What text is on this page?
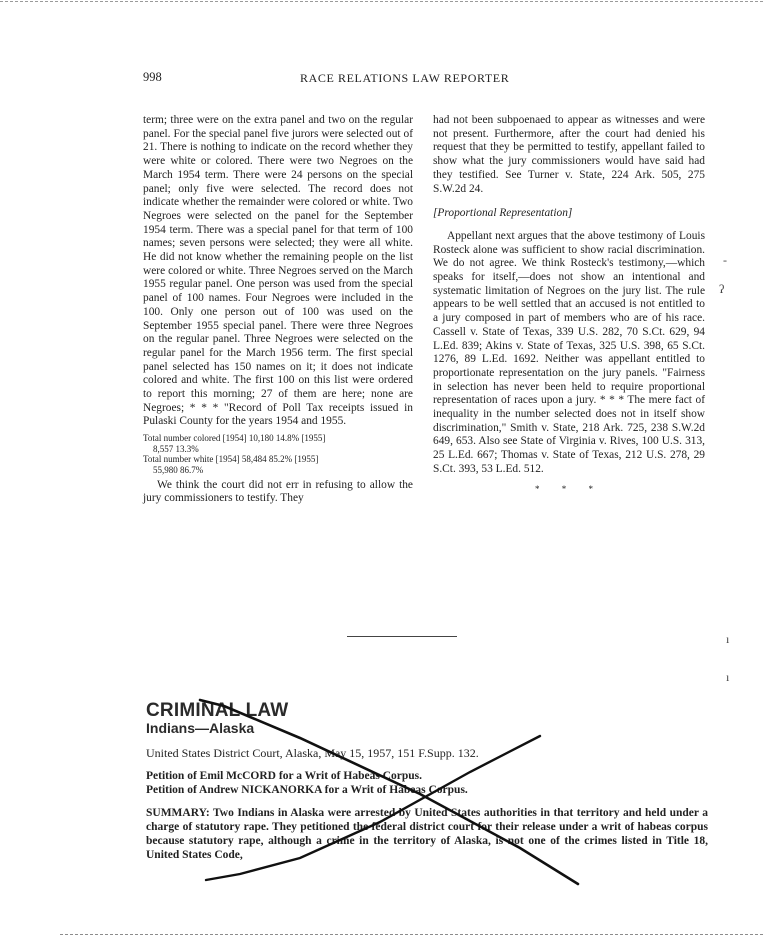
998	RACE RELATIONS LAW REPORTER

term; three were on the extra panel and two on the regular panel. For the special panel five jurors were selected out of 21. There is nothing to indicate on the record whether they were white or colored. There were two Negroes on the March 1954 term. There were 24 persons on the special panel; only five were selected. The record does not indicate whether the remainder were colored or white. Two Negroes were selected on the panel for the September 1954 term. There was a special panel for that term of 100 names; seven persons were selected; they were all white. He did not know whether the remaining people on the list were colored or white. Three Negroes served on the March 1955 regular panel. One person was used from the special panel of 100 names. Four Negroes were included in the 100. Only one person out of 100 was used on the September 1955 special panel. There were three Negroes on the regular panel. Three Negroes were selected on the regular panel for the March 1956 term. The first special panel selected has 150 names on it; it does not indicate colored and white. The first 100 on this list were ordered to report this morning; 27 of them are here; none are Negroes; * * * "Record of Poll Tax receipts issued in Pulaski County for the years 1954 and 1955.

Total number colored [1954] 10,180 14.8% [1955]
8,557 13.3%
Total number white [1954] 58,484 85.2% [1955]
55,980 86.7%

We think the court did not err in refusing to allow the jury commissioners to testify. They

had not been subpoenaed to appear as witnesses and were not present. Furthermore, after the court had denied his request that they be permitted to testify, appellant failed to show what the jury commissioners would have said had they testified. See Turner v. State, 224 Ark. 505, 275 S.W.2d 24.

[Proportional Representation]

Appellant next argues that the above testimony of Louis Rosteck alone was sufficient to show racial discrimination. We do not agree. We think Rosteck's testimony,—which speaks for itself,—does not show an intentional and systematic limitation of Negroes on the jury list. The rule appears to be well settled that an accused is not entitled to a jury composed in part of members who are of his race. Cassell v. State of Texas, 339 U.S. 282, 70 S.Ct. 629, 94 L.Ed. 839; Akins v. State of Texas, 325 U.S. 398, 65 S.Ct. 1276, 89 L.Ed. 1692. Neither was appellant entitled to proportionate representation on the jury panels. "Fairness in selection has never been held to require proportional representation of races upon a jury. * * * The mere fact of inequality in the number selected does not in itself show discrimination," Smith v. State, 218 Ark. 725, 238 S.W.2d 649, 653. Also see State of Virginia v. Rives, 100 U.S. 313, 25 L.Ed. 667; Thomas v. State of Texas, 212 U.S. 278, 29 S.Ct. 393, 53 L.Ed. 512.

* * *
CRIMINAL LAW
Indians—Alaska
United States District Court, Alaska, May 15, 1957, 151 F.Supp. 132.
Petition of Emil McCORD for a Writ of Habeas Corpus.
Petition of Andrew NICKANORKA for a Writ of Habeas Corpus.
SUMMARY: Two Indians in Alaska were arrested by United States authorities in that territory and held under a charge of statutory rape. They petitioned the federal district court for their release under a writ of habeas corpus because statutory rape, although a crime in the territory of Alaska, is not one of the crimes listed in Title 18, United States Code,
-
ʔ
ı
ı
